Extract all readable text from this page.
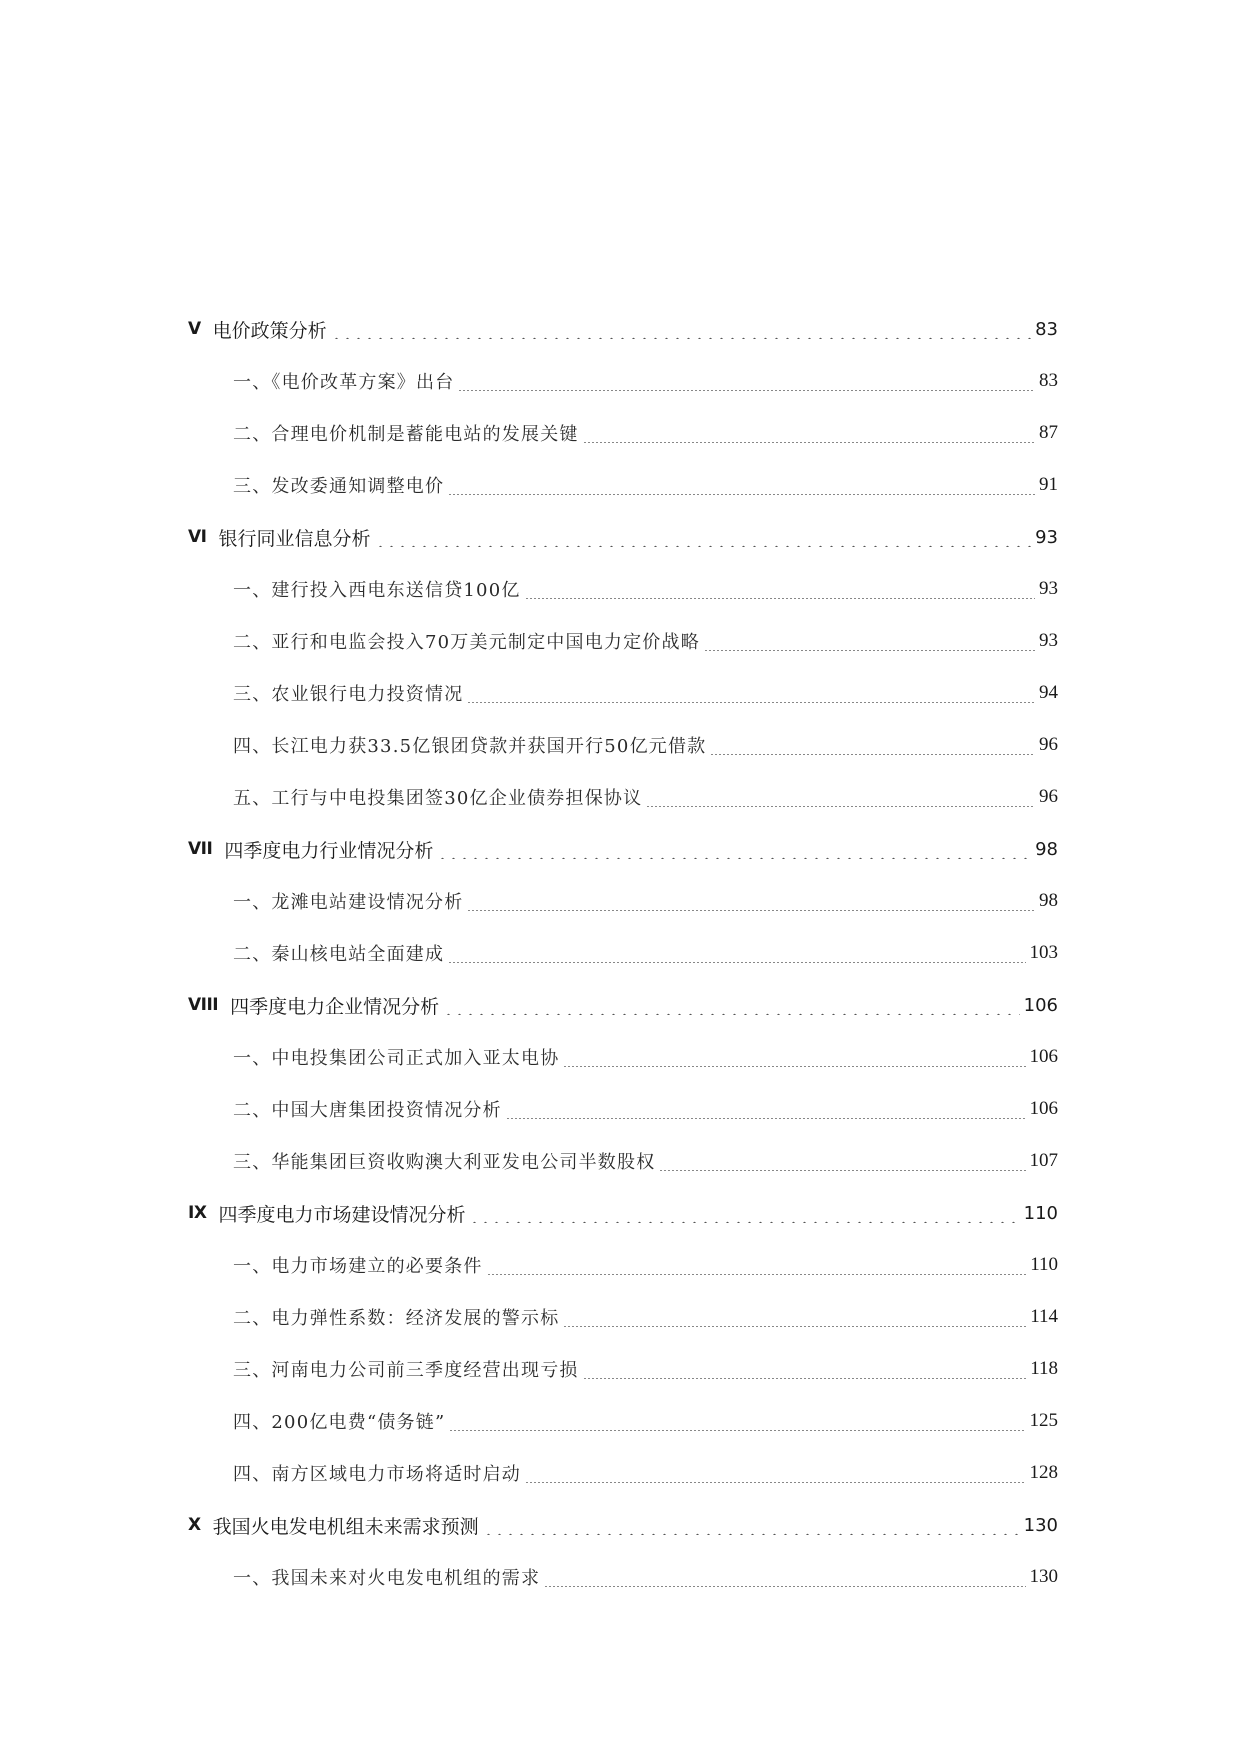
V 电价政策分析	83
一、《电价改革方案》出台	83
二、合理电价机制是蓄能电站的发展关键	87
三、发改委通知调整电价	91
VI 银行同业信息分析	93
一、建行投入西电东送信贷100亿	93
二、亚行和电监会投入70万美元制定中国电力定价战略	93
三、农业银行电力投资情况	94
四、长江电力获33.5亿银团贷款并获国开行50亿元借款	96
五、工行与中电投集团签30亿企业债券担保协议	96
VII 四季度电力行业情况分析	98
一、龙滩电站建设情况分析	98
二、秦山核电站全面建成	103
VIII 四季度电力企业情况分析	106
一、中电投集团公司正式加入亚太电协	106
二、中国大唐集团投资情况分析	106
三、华能集团巨资收购澳大利亚发电公司半数股权	107
IX 四季度电力市场建设情况分析	110
一、电力市场建立的必要条件	110
二、电力弹性系数：经济发展的警示标	114
三、河南电力公司前三季度经营出现亏损	118
四、200亿电费“债务链”	125
四、南方区域电力市场将适时启动	128
X 我国火电发电机组未来需求预测	130
一、我国未来对火电发电机组的需求	130
